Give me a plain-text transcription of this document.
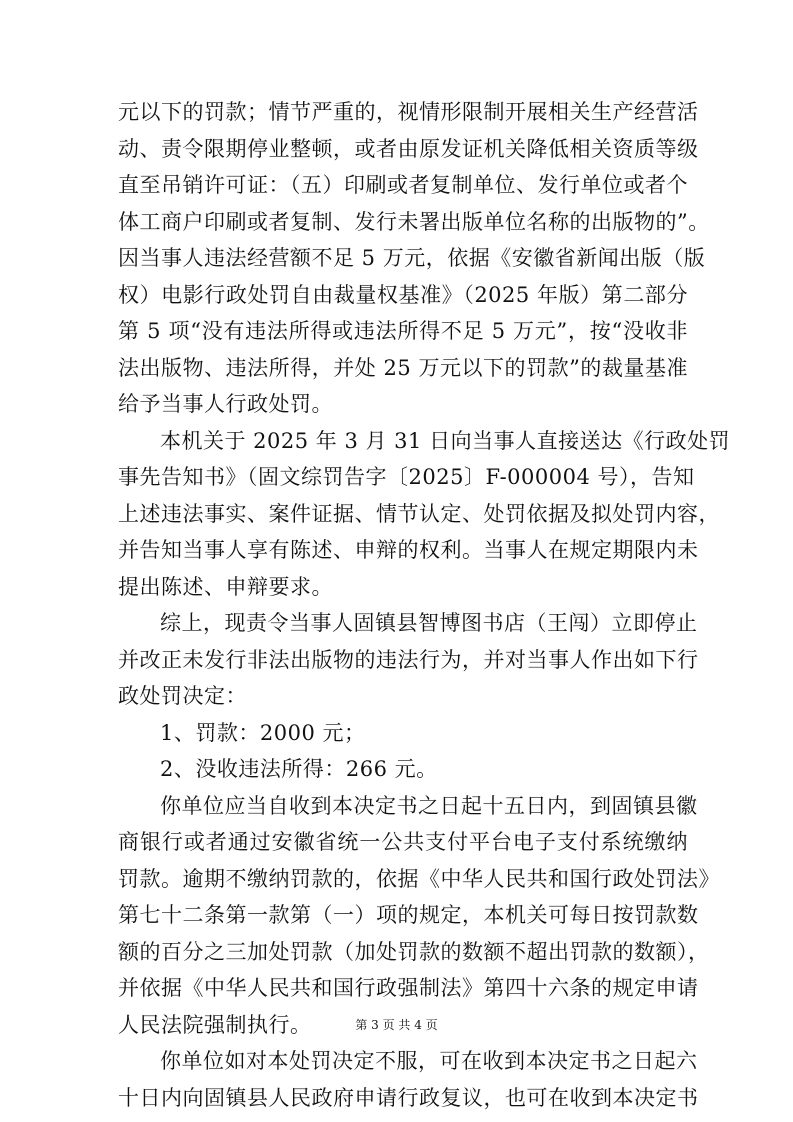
元以下的罚款；情节严重的，视情形限制开展相关生产经营活
动、责令限期停业整顿，或者由原发证机关降低相关资质等级
直至吊销许可证：（五）印刷或者复制单位、发行单位或者个
体工商户印刷或者复制、发行未署出版单位名称的出版物的”。
因当事人违法经营额不足 5 万元，依据《安徽省新闻出版（版
权）电影行政处罚自由裁量权基准》（2025 年版）第二部分
第 5 项“没有违法所得或违法所得不足 5 万元”，按“没收非
法出版物、违法所得，并处 25 万元以下的罚款”的裁量基准
给予当事人行政处罚。
本机关于 2025 年 3 月 31 日向当事人直接送达《行政处罚
事先告知书》（固文综罚告字〔2025〕F-000004 号），告知
上述违法事实、案件证据、情节认定、处罚依据及拟处罚内容，
并告知当事人享有陈述、申辩的权利。当事人在规定期限内未
提出陈述、申辩要求。
综上，现责令当事人固镇县智博图书店（王闯）立即停止
并改正未发行非法出版物的违法行为，并对当事人作出如下行
政处罚决定：
1、罚款：2000 元；
2、没收违法所得：266 元。
你单位应当自收到本决定书之日起十五日内，到固镇县徽
商银行或者通过安徽省统一公共支付平台电子支付系统缴纳
罚款。逾期不缴纳罚款的，依据《中华人民共和国行政处罚法》
第七十二条第一款第（一）项的规定，本机关可每日按罚款数
额的百分之三加处罚款（加处罚款的数额不超出罚款的数额），
并依据《中华人民共和国行政强制法》第四十六条的规定申请
人民法院强制执行。
你单位如对本处罚决定不服，可在收到本决定书之日起六
十日内向固镇县人民政府申请行政复议，也可在收到本决定书
第 3 页 共 4 页
